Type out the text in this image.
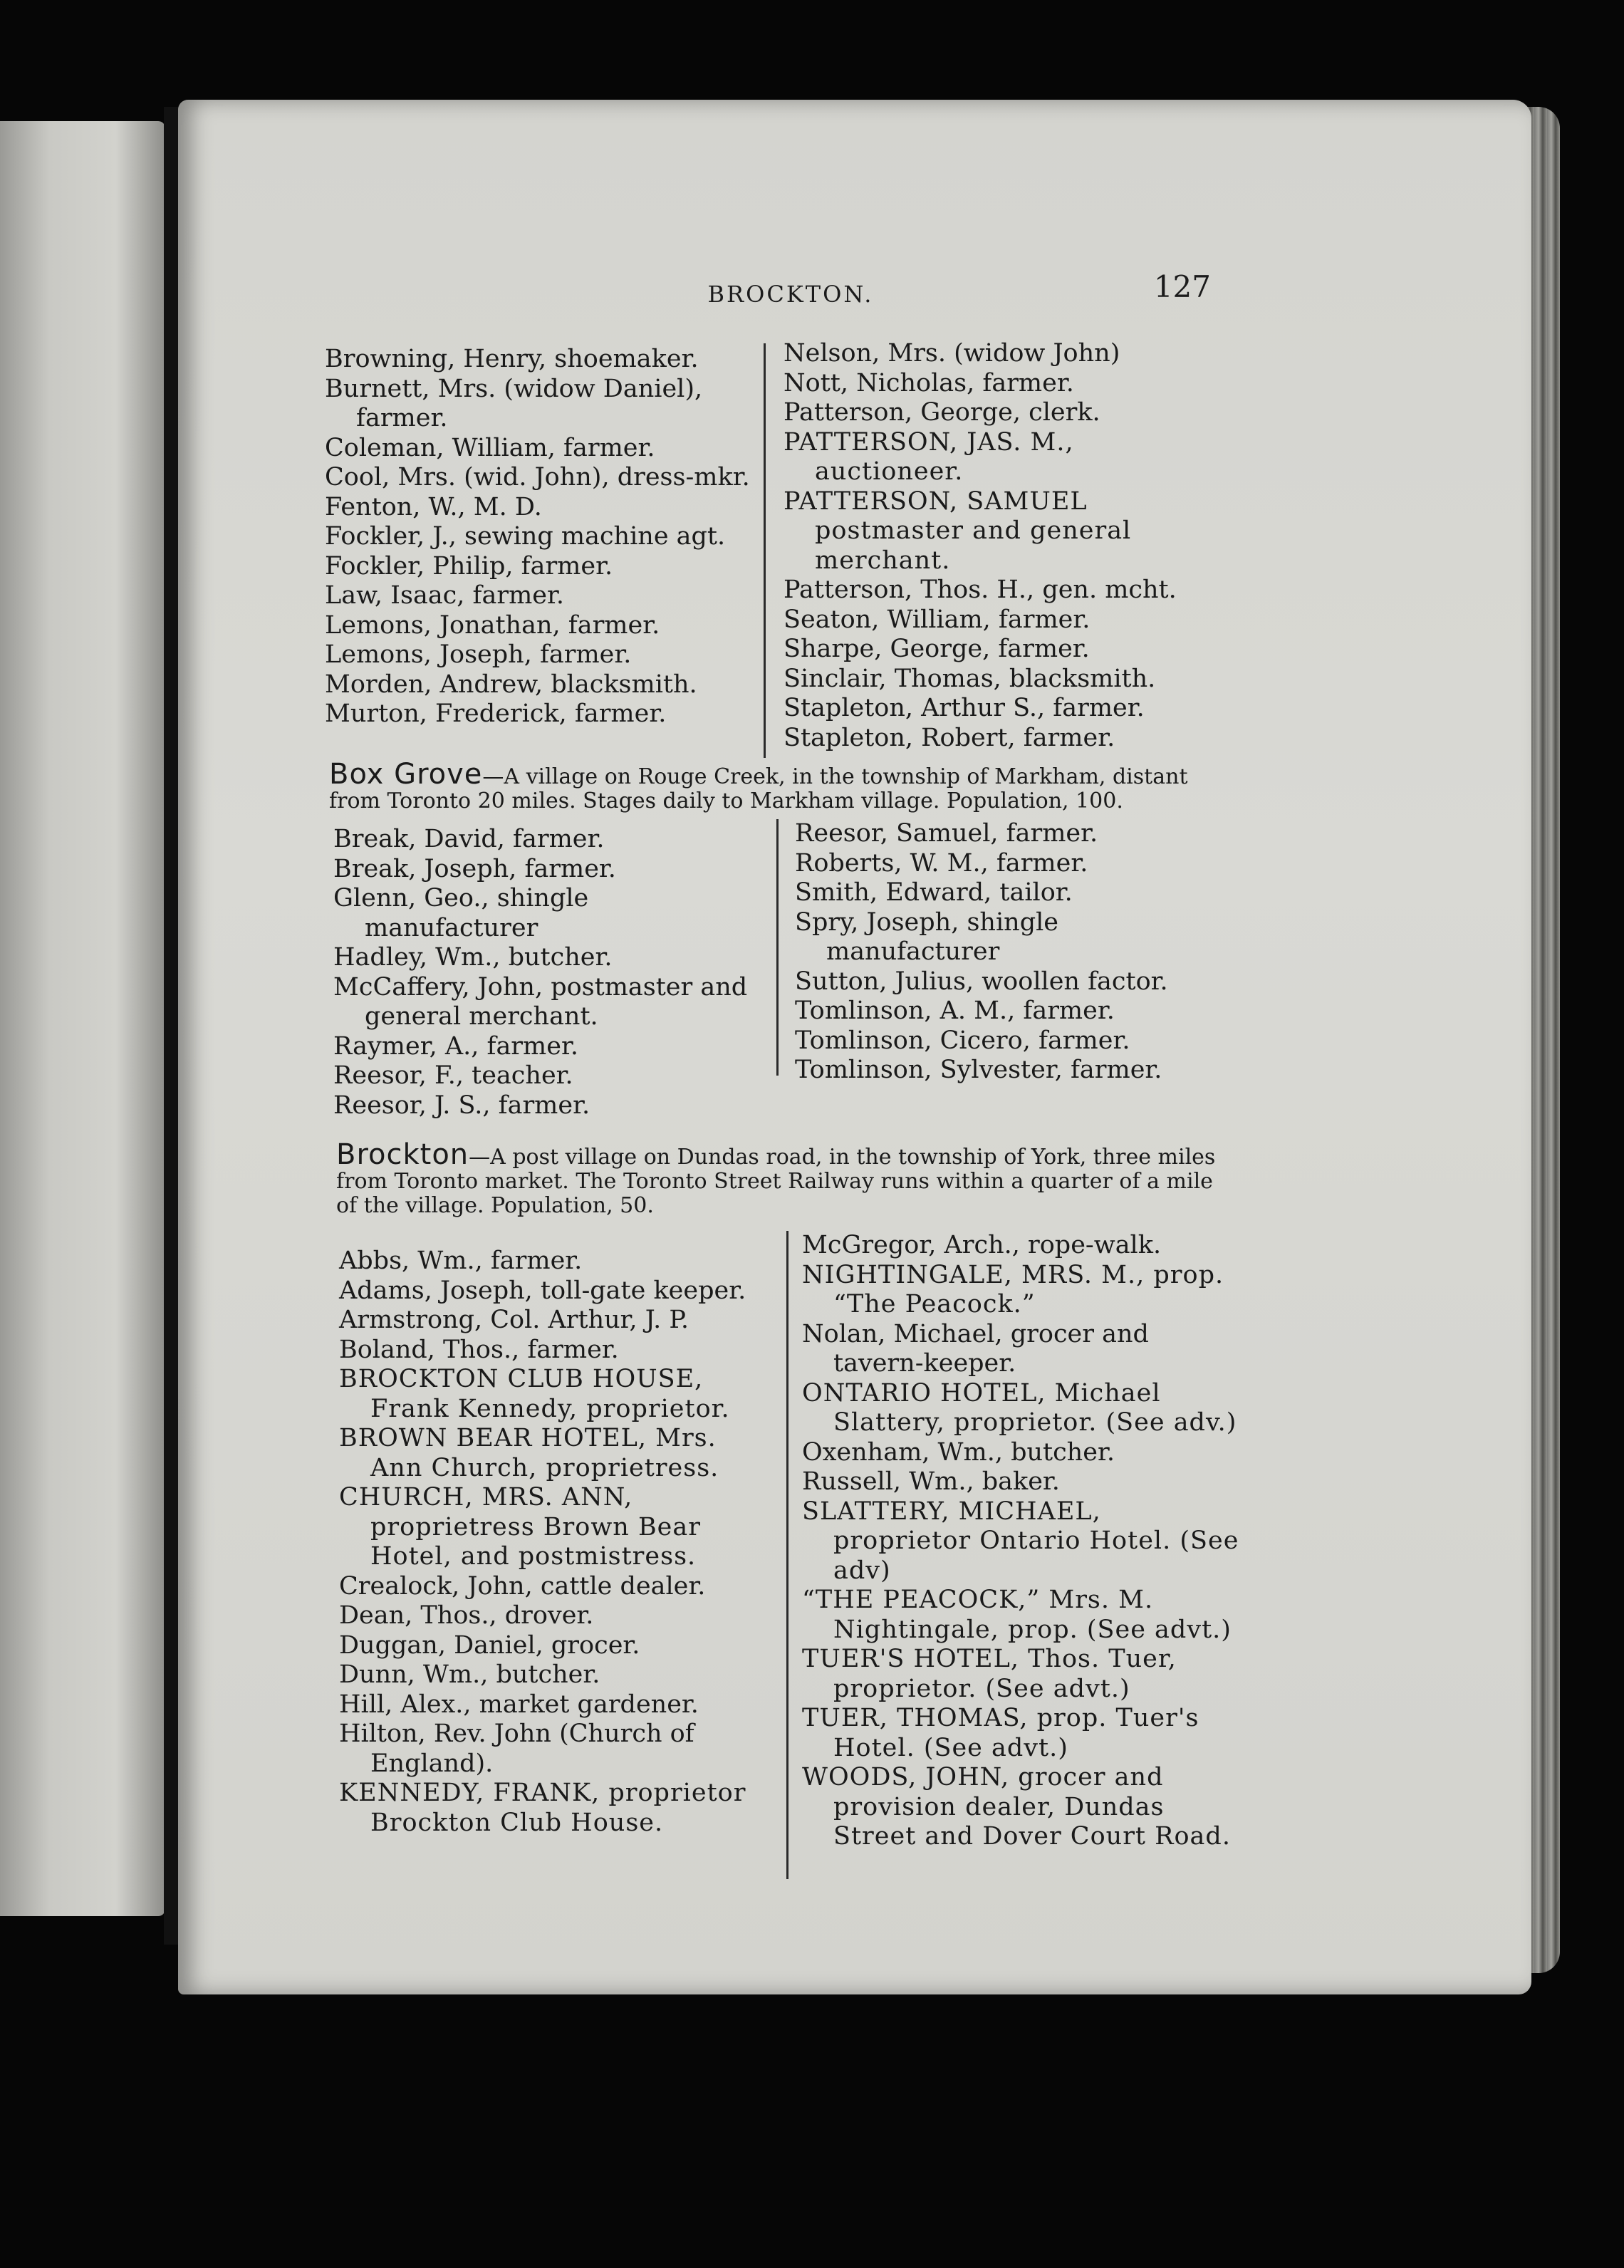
BROCKTON.	127
Browning, Henry, shoemaker.
Burnett, Mrs. (widow Daniel), farmer.
Coleman, William, farmer.
Cool, Mrs. (wid. John), dress-mkr.
Fenton, W., M. D.
Fockler, J., sewing machine agt.
Fockler, Philip, farmer.
Law, Isaac, farmer.
Lemons, Jonathan, farmer.
Lemons, Joseph, farmer.
Morden, Andrew, blacksmith.
Murton, Frederick, farmer.
Nelson, Mrs. (widow John)
Nott, Nicholas, farmer.
Patterson, George, clerk.
PATTERSON, JAS. M., auctioneer.
PATTERSON, SAMUEL postmaster and general merchant.
Patterson, Thos. H., gen. mcht.
Seaton, William, farmer.
Sharpe, George, farmer.
Sinclair, Thomas, blacksmith.
Stapleton, Arthur S., farmer.
Stapleton, Robert, farmer.

Box Grove—A village on Rouge Creek, in the township of Markham, distant from Toronto 20 miles. Stages daily to Markham village. Population, 100.

Break, David, farmer.
Break, Joseph, farmer.
Glenn, Geo., shingle manufacturer
Hadley, Wm., butcher.
McCaffery, John, postmaster and general merchant.
Raymer, A., farmer.
Reesor, F., teacher.
Reesor, J. S., farmer.
Reesor, Samuel, farmer.
Roberts, W. M., farmer.
Smith, Edward, tailor.
Spry, Joseph, shingle manufacturer
Sutton, Julius, woollen factor.
Tomlinson, A. M., farmer.
Tomlinson, Cicero, farmer.
Tomlinson, Sylvester, farmer.

Brockton—A post village on Dundas road, in the township of York, three miles from Toronto market. The Toronto Street Railway runs within a quarter of a mile of the village. Population, 50.

Abbs, Wm., farmer.
Adams, Joseph, toll-gate keeper.
Armstrong, Col. Arthur, J. P.
Boland, Thos., farmer.
BROCKTON CLUB HOUSE, Frank Kennedy, proprietor.
BROWN BEAR HOTEL, Mrs. Ann Church, proprietress.
CHURCH, MRS. ANN, proprietress Brown Bear Hotel, and postmistress.
Crealock, John, cattle dealer.
Dean, Thos., drover.
Duggan, Daniel, grocer.
Dunn, Wm., butcher.
Hill, Alex., market gardener.
Hilton, Rev. John (Church of England).
KENNEDY, FRANK, proprietor Brockton Club House.
McGregor, Arch., rope-walk.
NIGHTINGALE, MRS. M., prop. “The Peacock.”
Nolan, Michael, grocer and tavern-keeper.
ONTARIO HOTEL, Michael Slattery, proprietor. (See adv.)
Oxenham, Wm., butcher.
Russell, Wm., baker.
SLATTERY, MICHAEL, proprietor Ontario Hotel. (See adv)
“THE PEACOCK,” Mrs. M. Nightingale, prop. (See advt.)
TUER'S HOTEL, Thos. Tuer, proprietor. (See advt.)
TUER, THOMAS, prop. Tuer's Hotel. (See advt.)
WOODS, JOHN, grocer and provision dealer, Dundas Street and Dover Court Road.
